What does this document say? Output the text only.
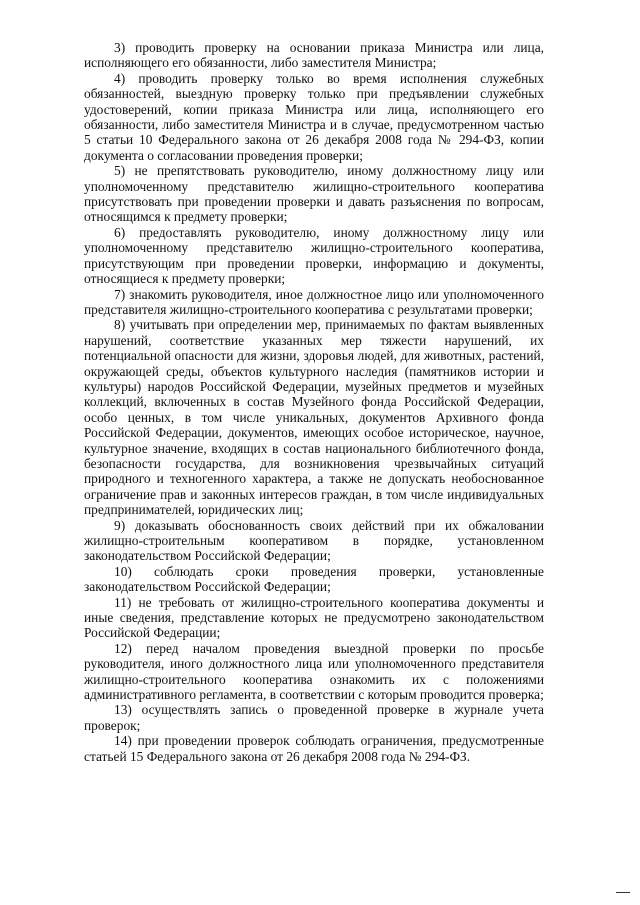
3) проводить проверку на основании приказа Министра или лица, исполняющего его обязанности, либо заместителя Министра;

4) проводить проверку только во время исполнения служебных обязанностей, выездную проверку только при предъявлении служебных удостоверений, копии приказа Министра или лица, исполняющего его обязанности, либо заместителя Министра и в случае, предусмотренном частью 5 статьи 10 Федерального закона от 26 декабря 2008 года № 294-ФЗ, копии документа о согласовании проведения проверки;

5) не препятствовать руководителю, иному должностному лицу или уполномоченному представителю жилищно-строительного кооператива присутствовать при проведении проверки и давать разъяснения по вопросам, относящимся к предмету проверки;

6) предоставлять руководителю, иному должностному лицу или уполномоченному представителю жилищно-строительного кооператива, присутствующим при проведении проверки, информацию и документы, относящиеся к предмету проверки;

7) знакомить руководителя, иное должностное лицо или уполномоченного представителя жилищно-строительного кооператива с результатами проверки;

8) учитывать при определении мер, принимаемых по фактам выявленных нарушений, соответствие указанных мер тяжести нарушений, их потенциальной опасности для жизни, здоровья людей, для животных, растений, окружающей среды, объектов культурного наследия (памятников истории и культуры) народов Российской Федерации, музейных предметов и музейных коллекций, включенных в состав Музейного фонда Российской Федерации, особо ценных, в том числе уникальных, документов Архивного фонда Российской Федерации, документов, имеющих особое историческое, научное, культурное значение, входящих в состав национального библиотечного фонда, безопасности государства, для возникновения чрезвычайных ситуаций природного и техногенного характера, а также не допускать необоснованное ограничение прав и законных интересов граждан, в том числе индивидуальных предпринимателей, юридических лиц;

9) доказывать обоснованность своих действий при их обжаловании жилищно-строительным кооперативом в порядке, установленном законодательством Российской Федерации;

10) соблюдать сроки проведения проверки, установленные законодательством Российской Федерации;

11) не требовать от жилищно-строительного кооператива документы и иные сведения, представление которых не предусмотрено законодательством Российской Федерации;

12) перед началом проведения выездной проверки по просьбе руководителя, иного должностного лица или уполномоченного представителя жилищно-строительного кооператива ознакомить их с положениями административного регламента, в соответствии с которым проводится проверка;

13) осуществлять запись о проведенной проверке в журнале учета проверок;

14) при проведении проверок соблюдать ограничения, предусмотренные статьей 15 Федерального закона от 26 декабря 2008 года № 294-ФЗ.
